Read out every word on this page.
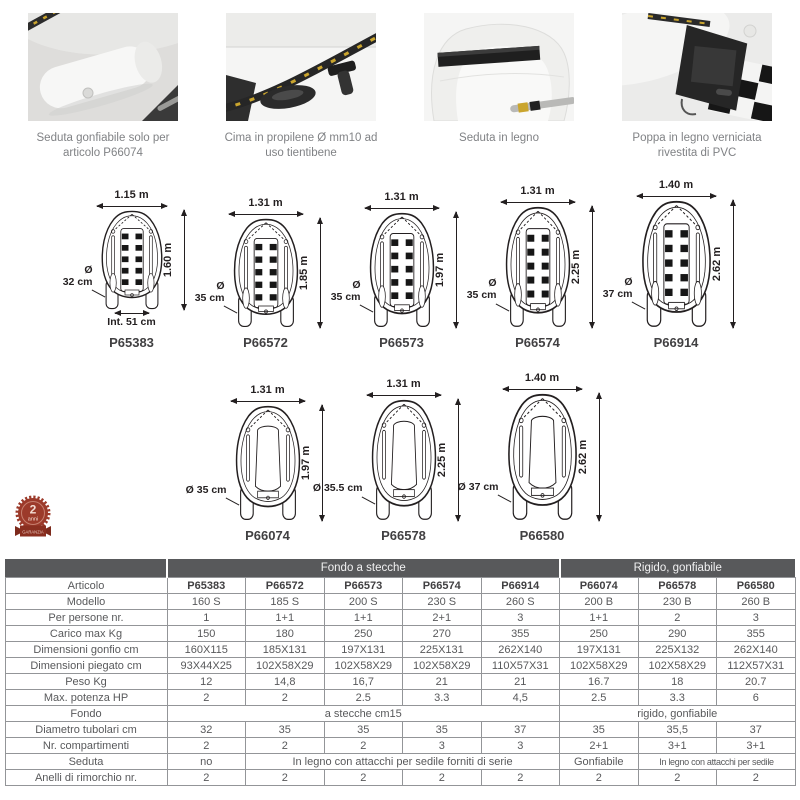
Seduta gonfiabile solo per articolo P66074
Cima in propilene Ø mm10 ad uso tientibene
Seduta in legno	Poppa in legno verniciata rivestita di PVC
1.15 m
Ø
32 cm
1.60 m
Int. 51 cm
P65383
1.31 m
Ø
35 cm
1.85 m
P66572
1.31 m
Ø
35 cm
1.97 m
P66573
1.31 m
Ø
35 cm
2.25 m
P66574
1.40 m
Ø
37 cm
2.62 m
P66914
1.31 m
Ø 35 cm
1.97 m
P66074
1.31 m
Ø 35.5 cm
2.25 m
P66578
1.40 m
Ø 37 cm
2.62 m
P66580
2
anni
GARANZIA
	Fondo a stecche					Rigido, gonfiabile		
Articolo	P65383	P66572	P66573	P66574	P66914	P66074	P66578	P66580
Modello	160 S	185 S	200 S	230 S	260 S	200 B	230 B	260 B
Per persone nr.	1	1+1	1+1	2+1	3	1+1	2	3
Carico max Kg	150	180	250	270	355	250	290	355
Dimensioni gonfio cm	160X115	185X131	197X131	225X131	262X140	197X131	225X132	262X140
Dimensioni piegato cm	93X44X25	102X58X29	102X58X29	102X58X29	110X57X31	102X58X29	102X58X29	112X57X31
Peso Kg	12	14,8	16,7	21	21	16.7	18	20.7
Max. potenza HP	2	2	2.5	3.3	4,5	2.5	3.3	6
Fondo	a stecche cm15					rigido, gonfiabile		
Diametro tubolari cm	32	35	35	35	37	35	35,5	37
Nr. compartimenti	2	2	2	3	3	2+1	3+1	3+1
Seduta	no	In legno con attacchi per sedile forniti di serie				Gonfiabile	In legno con attacchi per sedile	
Anelli di rimorchio nr.	2	2	2	2	2	2	2	2
